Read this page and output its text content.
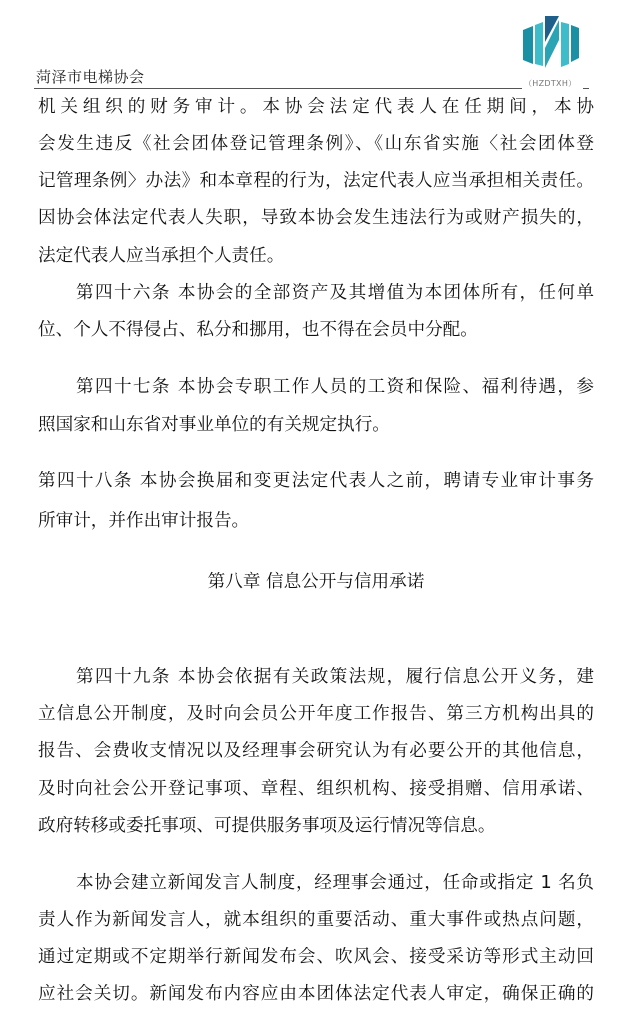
菏泽市电梯协会	（HZDTXH）
机关组织的财务审计。本协会法定代表人在任期间，本协
会发生违反《社会团体登记管理条例》、《山东省实施〈社会团体登
记管理条例〉办法》和本章程的行为，法定代表人应当承担相关责任。
因协会体法定代表人失职，导致本协会发生违法行为或财产损失的，
法定代表人应当承担个人责任。
第四十六条 本协会的全部资产及其增值为本团体所有，任何单
位、个人不得侵占、私分和挪用，也不得在会员中分配。
第四十七条 本协会专职工作人员的工资和保险、福利待遇，参
照国家和山东省对事业单位的有关规定执行。
第四十八条 本协会换届和变更法定代表人之前，聘请专业审计事务
所审计，并作出审计报告。
第八章 信息公开与信用承诺
第四十九条 本协会依据有关政策法规，履行信息公开义务，建
立信息公开制度，及时向会员公开年度工作报告、第三方机构出具的
报告、会费收支情况以及经理事会研究认为有必要公开的其他信息，
及时向社会公开登记事项、章程、组织机构、接受捐赠、信用承诺、
政府转移或委托事项、可提供服务事项及运行情况等信息。
本协会建立新闻发言人制度，经理事会通过，任命或指定 1 名负
责人作为新闻发言人，就本组织的重要活动、重大事件或热点问题，
通过定期或不定期举行新闻发布会、吹风会、接受采访等形式主动回
应社会关切。新闻发布内容应由本团体法定代表人审定，确保正确的
